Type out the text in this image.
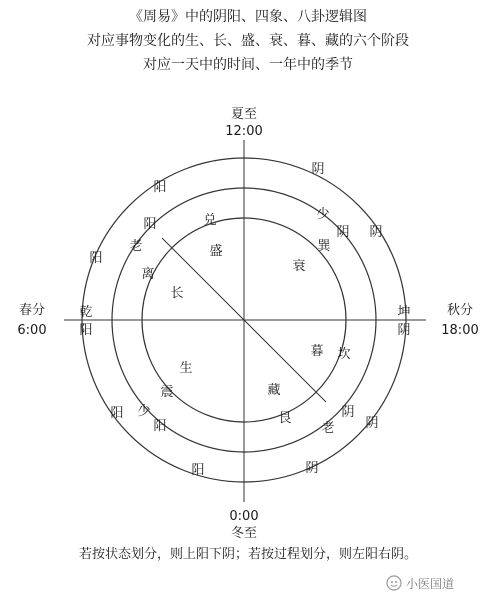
《周易》中的阴阳、四象、八卦逻辑图
对应事物变化的生、长、盛、衰、暮、藏的六个阶段
对应一天中的时间、一年中的季节
夏至
12:00
0:00
冬至
春分
6:00
秋分
18:00
阳
阴
阳
阴
阳
阴
阳	阴
阳
老
少
阴
少
阳
阴
老
兑
巽
离
乾
阳
坤
阴
坎
震
艮
盛
衰
长
生
暮
藏
若按状态划分，则上阳下阴；若按过程划分，则左阳右阴。
小医国道
